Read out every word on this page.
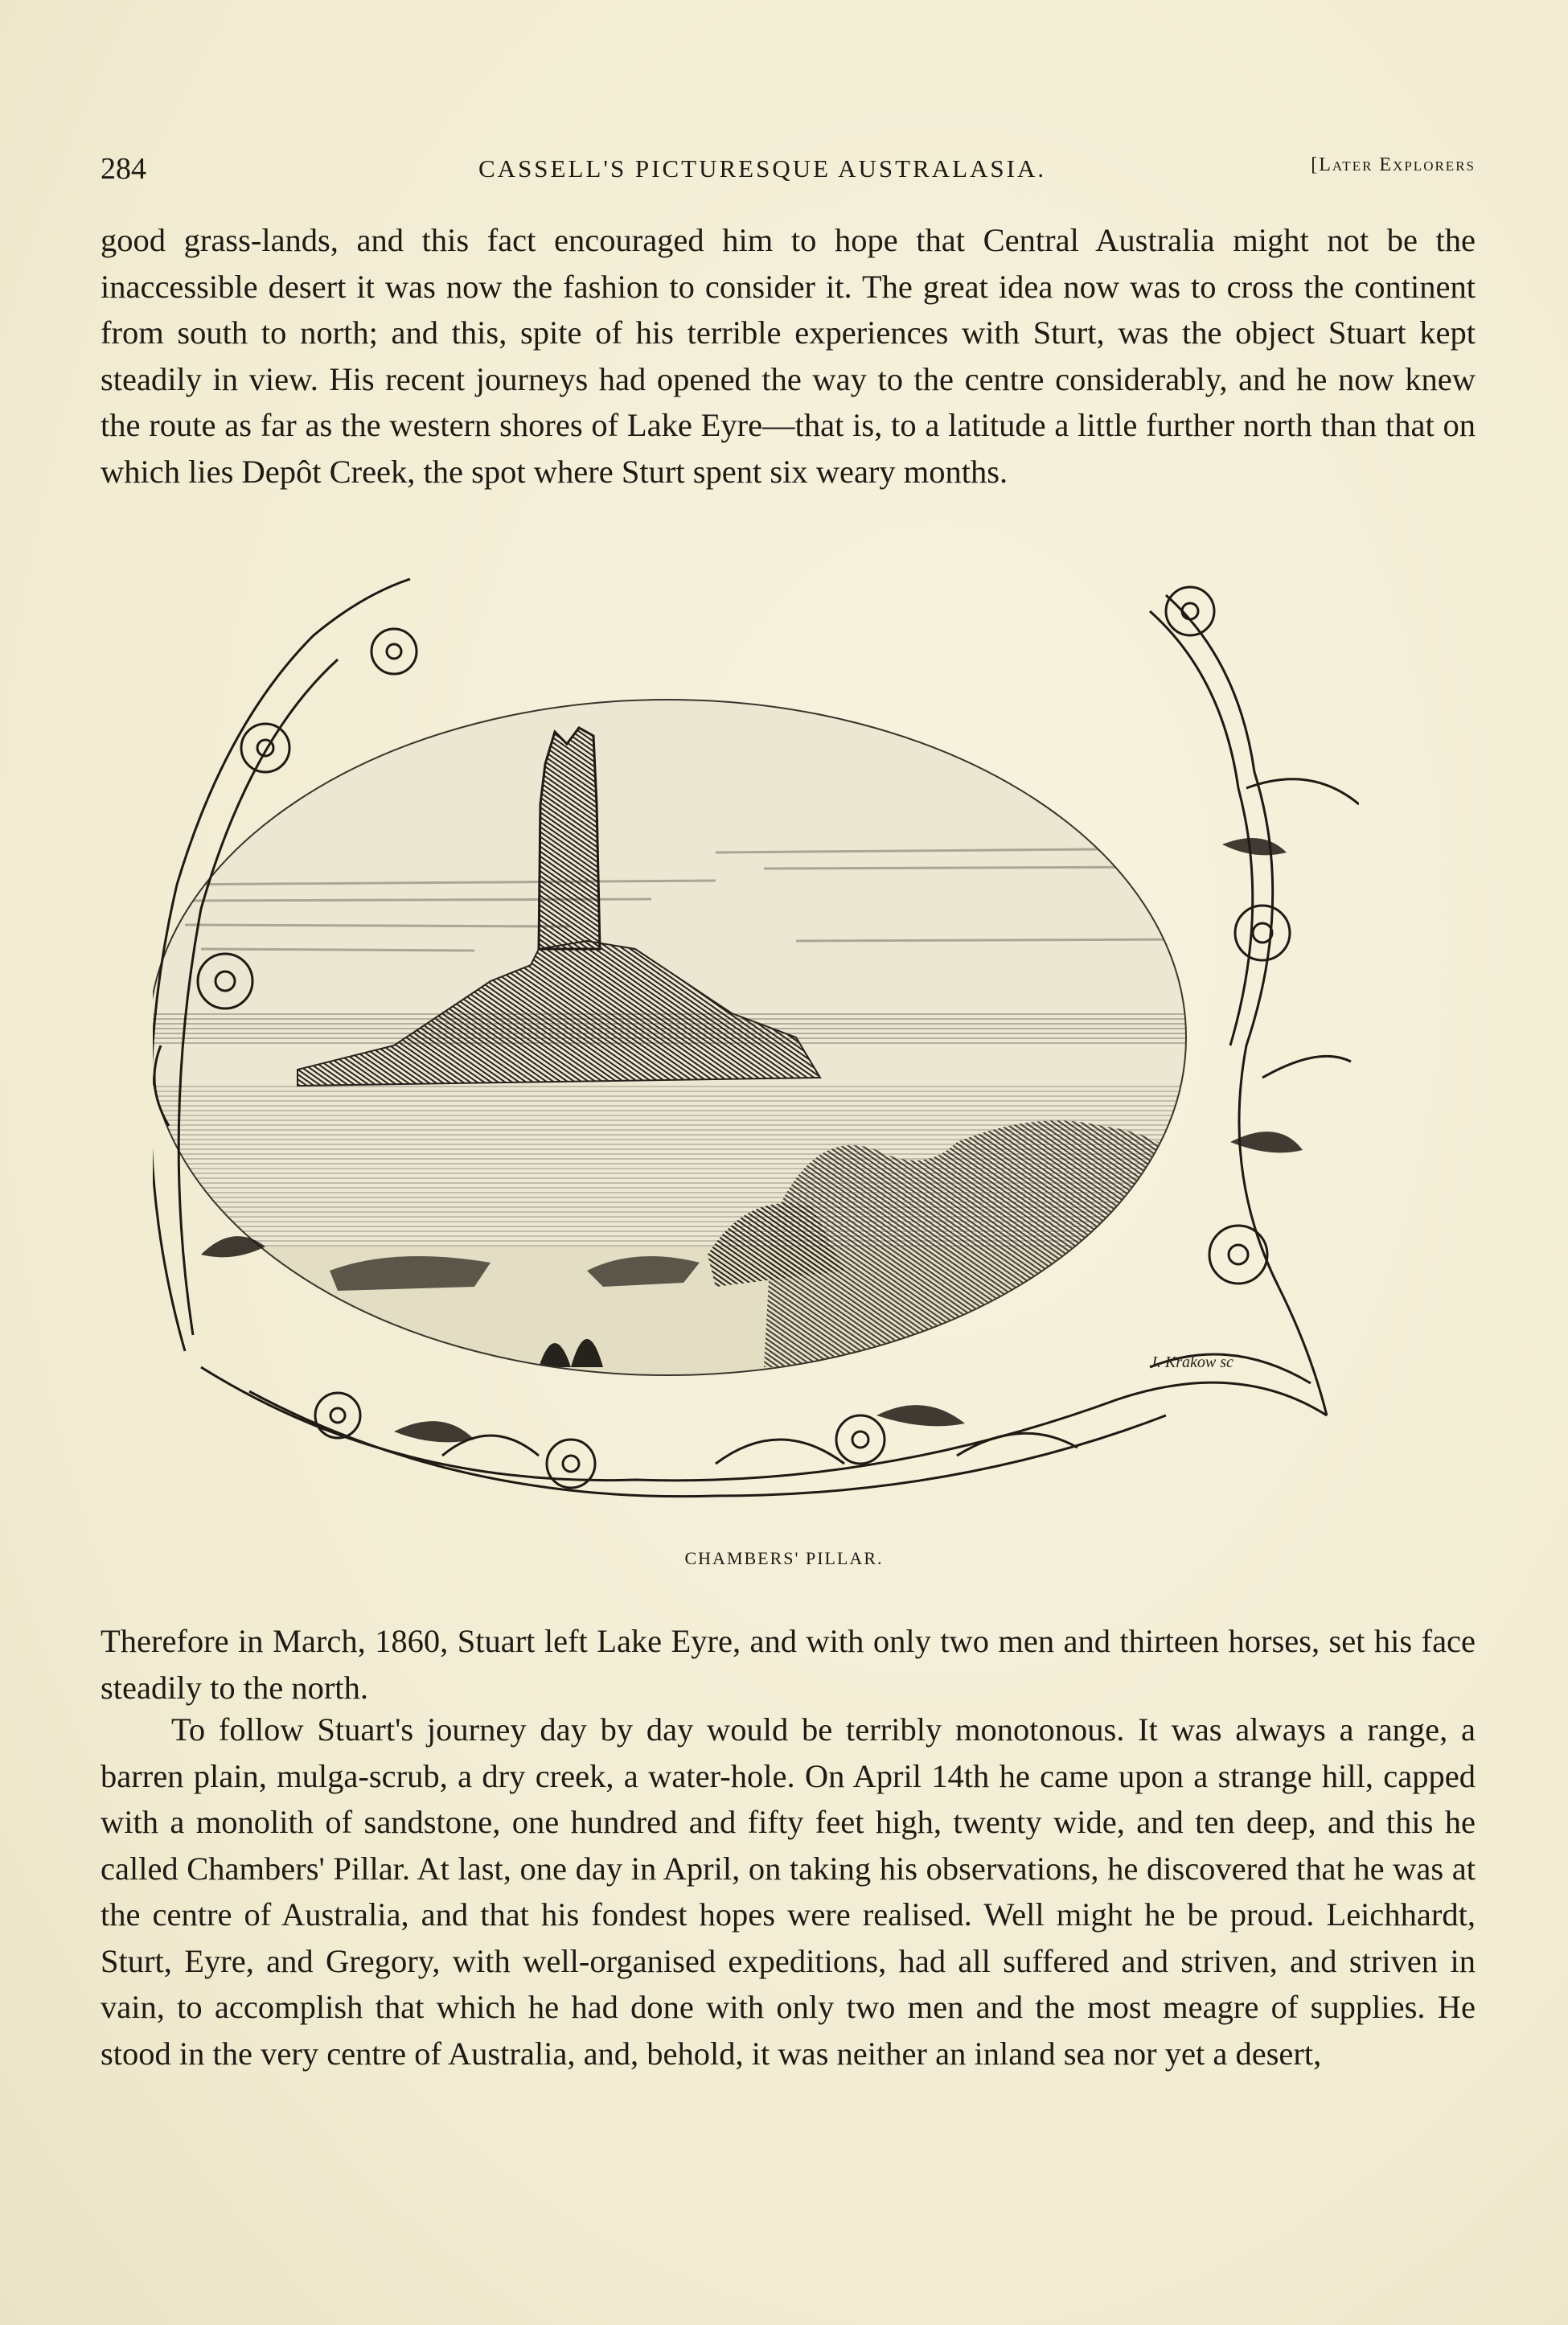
284	CASSELL'S PICTURESQUE AUSTRALASIA.	[Later Explorers

good grass-lands, and this fact encouraged him to hope that Central Australia might not be the inaccessible desert it was now the fashion to consider it. The great idea now was to cross the continent from south to north; and this, spite of his terrible experiences with Sturt, was the object Stuart kept steadily in view. His recent journeys had opened the way to the centre considerably, and he now knew the route as far as the western shores of Lake Eyre—that is, to a latitude a little further north than that on which lies Depôt Creek, the spot where Sturt spent six weary months.

J. Krakow sc
CHAMBERS' PILLAR.

Therefore in March, 1860, Stuart left Lake Eyre, and with only two men and thirteen horses, set his face steadily to the north.

To follow Stuart's journey day by day would be terribly monotonous. It was always a range, a barren plain, mulga-scrub, a dry creek, a water-hole. On April 14th he came upon a strange hill, capped with a monolith of sandstone, one hundred and fifty feet high, twenty wide, and ten deep, and this he called Chambers' Pillar. At last, one day in April, on taking his observations, he discovered that he was at the centre of Australia, and that his fondest hopes were realised. Well might he be proud. Leichhardt, Sturt, Eyre, and Gregory, with well-organised expeditions, had all suffered and striven, and striven in vain, to accomplish that which he had done with only two men and the most meagre of supplies. He stood in the very centre of Australia, and, behold, it was neither an inland sea nor yet a desert,
